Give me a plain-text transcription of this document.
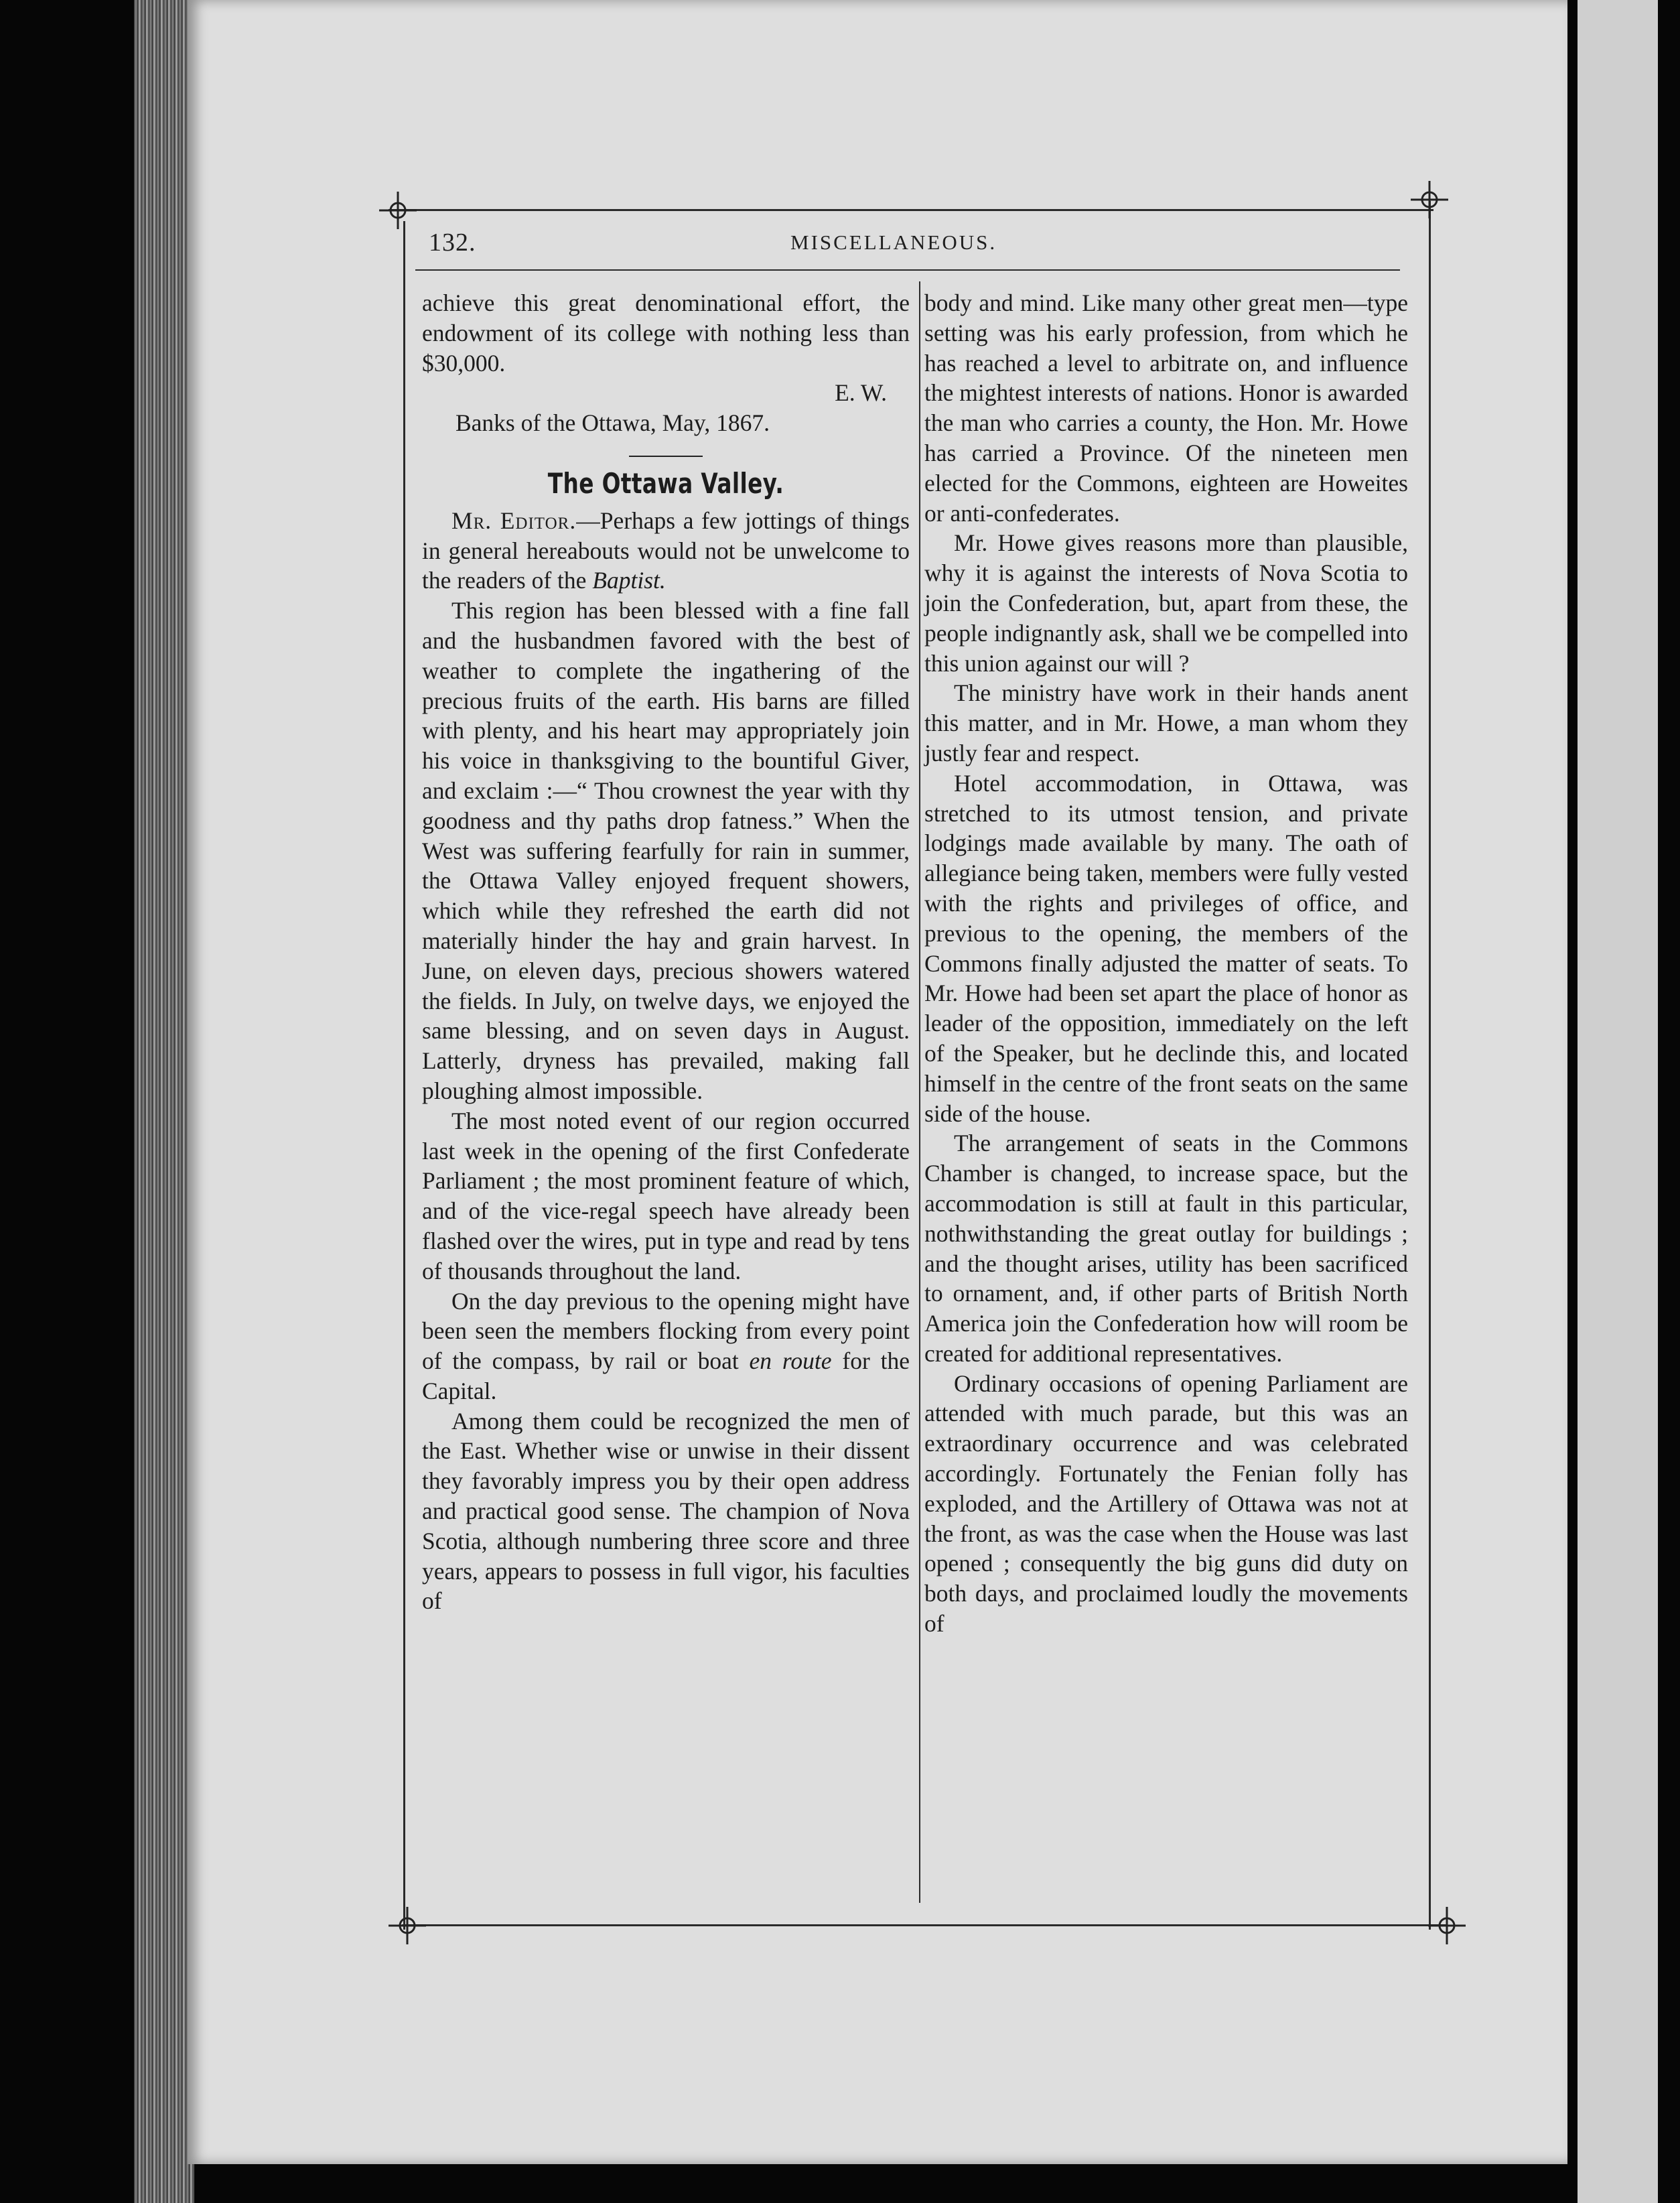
132.	MISCELLANEOUS.

achieve this great denominational effort, the endowment of its college with nothing less than $30,000.

E. W.

Banks of the Ottawa, May, 1867.

The Ottawa Valley.

Mr. Editor.—Perhaps a few jottings of things in general hereabouts would not be unwelcome to the readers of the Baptist.

This region has been blessed with a fine fall and the husbandmen favored with the best of weather to complete the ingathering of the precious fruits of the earth. His barns are filled with plenty, and his heart may appropriately join his voice in thanksgiving to the bountiful Giver, and exclaim :—“ Thou crownest the year with thy goodness and thy paths drop fatness.” When the West was suffering fearfully for rain in summer, the Ottawa Valley enjoyed frequent showers, which while they refreshed the earth did not materially hinder the hay and grain harvest. In June, on eleven days, precious showers watered the fields. In July, on twelve days, we enjoyed the same blessing, and on seven days in August. Latterly, dryness has prevailed, making fall ploughing almost impossible.

The most noted event of our region occurred last week in the opening of the first Confederate Parliament ; the most prominent feature of which, and of the vice-regal speech have already been flashed over the wires, put in type and read by tens of thousands throughout the land.

On the day previous to the opening might have been seen the members flocking from every point of the compass, by rail or boat en route for the Capital.

Among them could be recognized the men of the East. Whether wise or unwise in their dissent they favorably impress you by their open address and practical good sense. The champion of Nova Scotia, although numbering three score and three years, appears to possess in full vigor, his faculties of

body and mind. Like many other great men—type setting was his early profession, from which he has reached a level to arbitrate on, and influence the mightest interests of nations. Honor is awarded the man who carries a county, the Hon. Mr. Howe has carried a Province. Of the nineteen men elected for the Commons, eighteen are Howeites or anti-confederates.

Mr. Howe gives reasons more than plausible, why it is against the interests of Nova Scotia to join the Confederation, but, apart from these, the people indignantly ask, shall we be compelled into this union against our will ?

The ministry have work in their hands anent this matter, and in Mr. Howe, a man whom they justly fear and respect.

Hotel accommodation, in Ottawa, was stretched to its utmost tension, and private lodgings made available by many. The oath of allegiance being taken, members were fully vested with the rights and privileges of office, and previous to the opening, the members of the Commons finally adjusted the matter of seats. To Mr. Howe had been set apart the place of honor as leader of the opposition, immediately on the left of the Speaker, but he declinde this, and located himself in the centre of the front seats on the same side of the house.

The arrangement of seats in the Commons Chamber is changed, to increase space, but the accommodation is still at fault in this particular, nothwithstanding the great outlay for buildings ; and the thought arises, utility has been sacrificed to ornament, and, if other parts of British North America join the Confederation how will room be created for additional representatives.

Ordinary occasions of opening Parliament are attended with much parade, but this was an extraordinary occurrence and was celebrated accordingly. Fortunately the Fenian folly has exploded, and the Artillery of Ottawa was not at the front, as was the case when the House was last opened ; consequently the big guns did duty on both days, and proclaimed loudly the movements of
